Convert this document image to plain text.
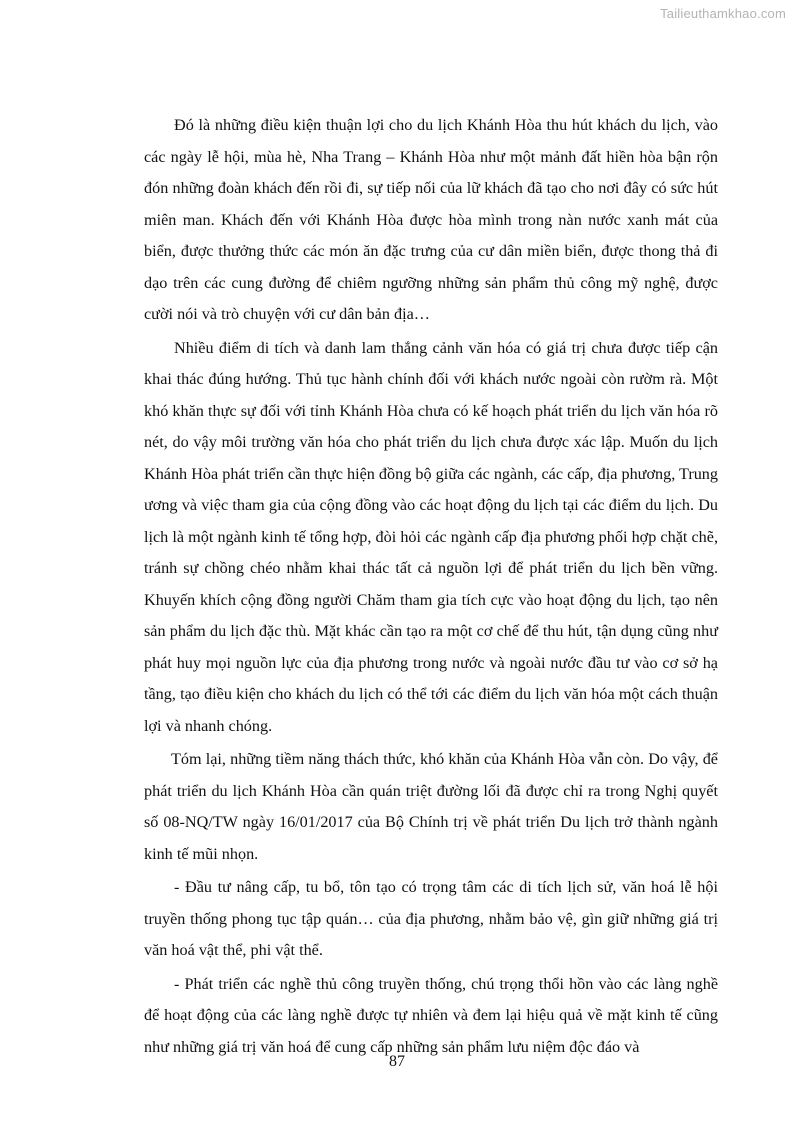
Tailieuthamkhao.com

Đó là những điều kiện thuận lợi cho du lịch Khánh Hòa thu hút khách du lịch, vào các ngày lễ hội, mùa hè, Nha Trang – Khánh Hòa như một mảnh đất hiền hòa bận rộn đón những đoàn khách đến rồi đi, sự tiếp nối của lữ khách đã tạo cho nơi đây có sức hút miên man. Khách đến với Khánh Hòa được hòa mình trong nàn nước xanh mát của biển, được thưởng thức các món ăn đặc trưng của cư dân miền biển, được thong thả đi dạo trên các cung đường để chiêm ngưỡng những sản phẩm thủ công mỹ nghệ, được cười nói và trò chuyện với cư dân bản địa…

Nhiều điểm di tích và danh lam thắng cảnh văn hóa có giá trị chưa được tiếp cận khai thác đúng hướng. Thủ tục hành chính đối với khách nước ngoài còn rườm rà. Một khó khăn thực sự đối với tỉnh Khánh Hòa chưa có kế hoạch phát triển du lịch văn hóa rõ nét, do vậy môi trường văn hóa cho phát triển du lịch chưa được xác lập. Muốn du lịch Khánh Hòa phát triển cần thực hiện đồng bộ giữa các ngành, các cấp, địa phương, Trung ương và việc tham gia của cộng đồng vào các hoạt động du lịch tại các điểm du lịch. Du lịch là một ngành kinh tế tổng hợp, đòi hỏi các ngành cấp địa phương phối hợp chặt chẽ, tránh sự chồng chéo nhằm khai thác tất cả nguồn lợi để phát triển du lịch bền vững. Khuyến khích cộng đồng người Chăm tham gia tích cực vào hoạt động du lịch, tạo nên sản phẩm du lịch đặc thù. Mặt khác cần tạo ra một cơ chế để thu hút, tận dụng cũng như phát huy mọi nguồn lực của địa phương trong nước và ngoài nước đầu tư vào cơ sở hạ tầng, tạo điều kiện cho khách du lịch có thể tới các điểm du lịch văn hóa một cách thuận lợi và nhanh chóng.

Tóm lại, những tiềm năng thách thức, khó khăn của Khánh Hòa vẫn còn. Do vậy, để phát triển du lịch Khánh Hòa cần quán triệt đường lối đã được chỉ ra trong Nghị quyết số 08-NQ/TW ngày 16/01/2017 của Bộ Chính trị về phát triển Du lịch trở thành ngành kinh tế mũi nhọn.

- Đầu tư nâng cấp, tu bổ, tôn tạo có trọng tâm các di tích lịch sử, văn hoá lễ hội truyền thống phong tục tập quán… của địa phương, nhằm bảo vệ, gìn giữ những giá trị văn hoá vật thể, phi vật thể.

- Phát triển các nghề thủ công truyền thống, chú trọng thổi hồn vào các làng nghề để hoạt động của các làng nghề được tự nhiên và đem lại hiệu quả về mặt kinh tế cũng như những giá trị văn hoá để cung cấp những sản phẩm lưu niệm độc đáo và

87
